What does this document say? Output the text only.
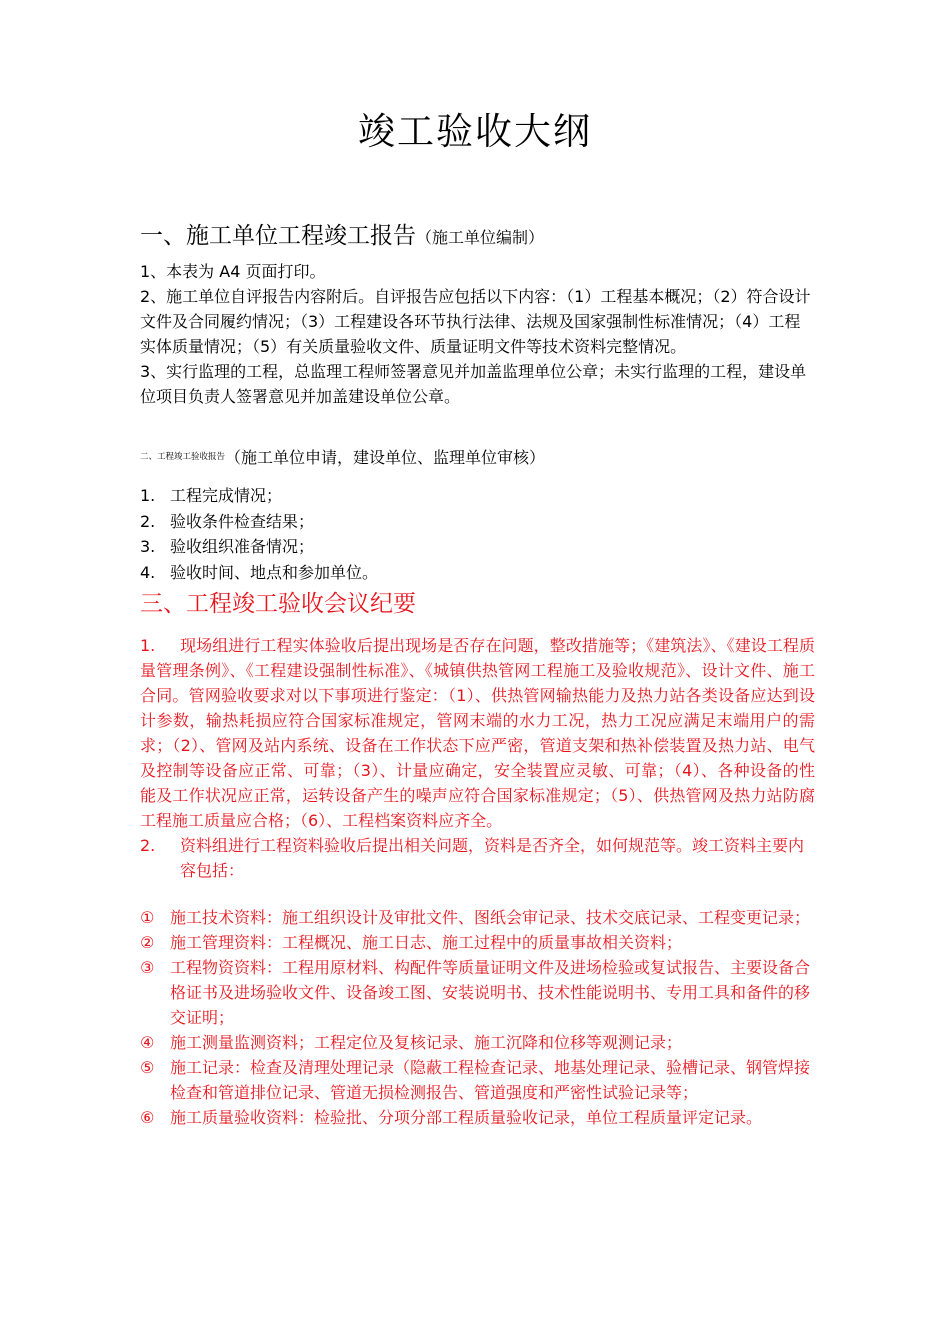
竣工验收大纲
一、施工单位工程竣工报告（施工单位编制）

1、本表为 A4 页面打印。

2、施工单位自评报告内容附后。自评报告应包括以下内容：（1）工程基本概况；（2）符合设计文件及合同履约情况；（3）工程建设各环节执行法律、法规及国家强制性标准情况；（4）工程实体质量情况；（5）有关质量验收文件、质量证明文件等技术资料完整情况。

3、实行监理的工程，总监理工程师签署意见并加盖监理单位公章；未实行监理的工程，建设单位项目负责人签署意见并加盖建设单位公章。

$^{二、工程竣工验收报告}$（施工单位申请，建设单位、监理单位审核）
1. 工程完成情况；
2. 验收条件检查结果；
3. 验收组织准备情况；
4. 验收时间、地点和参加单位。
三、工程竣工验收会议纪要

1. 现场组进行工程实体验收后提出现场是否存在问题，整改措施等；《建筑法》、《建设工程质量管理条例》、《工程建设强制性标准》、《城镇供热管网工程施工及验收规范》、设计文件、施工合同。管网验收要求对以下事项进行鉴定：（1）、供热管网输热能力及热力站各类设备应达到设计参数，输热耗损应符合国家标准规定，管网末端的水力工况，热力工况应满足末端用户的需求；（2）、管网及站内系统、设备在工作状态下应严密，管道支架和热补偿装置及热力站、电气及控制等设备应正常、可靠；（3）、计量应确定，安全装置应灵敏、可靠；（4）、各种设备的性能及工作状况应正常，运转设备产生的噪声应符合国家标准规定；（5）、供热管网及热力站防腐工程施工质量应合格；（6）、工程档案资料应齐全。

2.	资料组进行工程资料验收后提出相关问题，资料是否齐全，如何规范等。竣工资料主要内容包括：
① 施工技术资料：施工组织设计及审批文件、图纸会审记录、技术交底记录、工程变更记录；
② 施工管理资料：工程概况、施工日志、施工过程中的质量事故相关资料；
③ 工程物资资料：工程用原材料、构配件等质量证明文件及进场检验或复试报告、主要设备合格证书及进场验收文件、设备竣工图、安装说明书、技术性能说明书、专用工具和备件的移交证明；
④ 施工测量监测资料；工程定位及复核记录、施工沉降和位移等观测记录；
⑤ 施工记录：检查及清理处理记录（隐蔽工程检查记录、地基处理记录、验槽记录、钢管焊接检查和管道排位记录、管道无损检测报告、管道强度和严密性试验记录等；
⑥ 施工质量验收资料：检验批、分项分部工程质量验收记录，单位工程质量评定记录。
